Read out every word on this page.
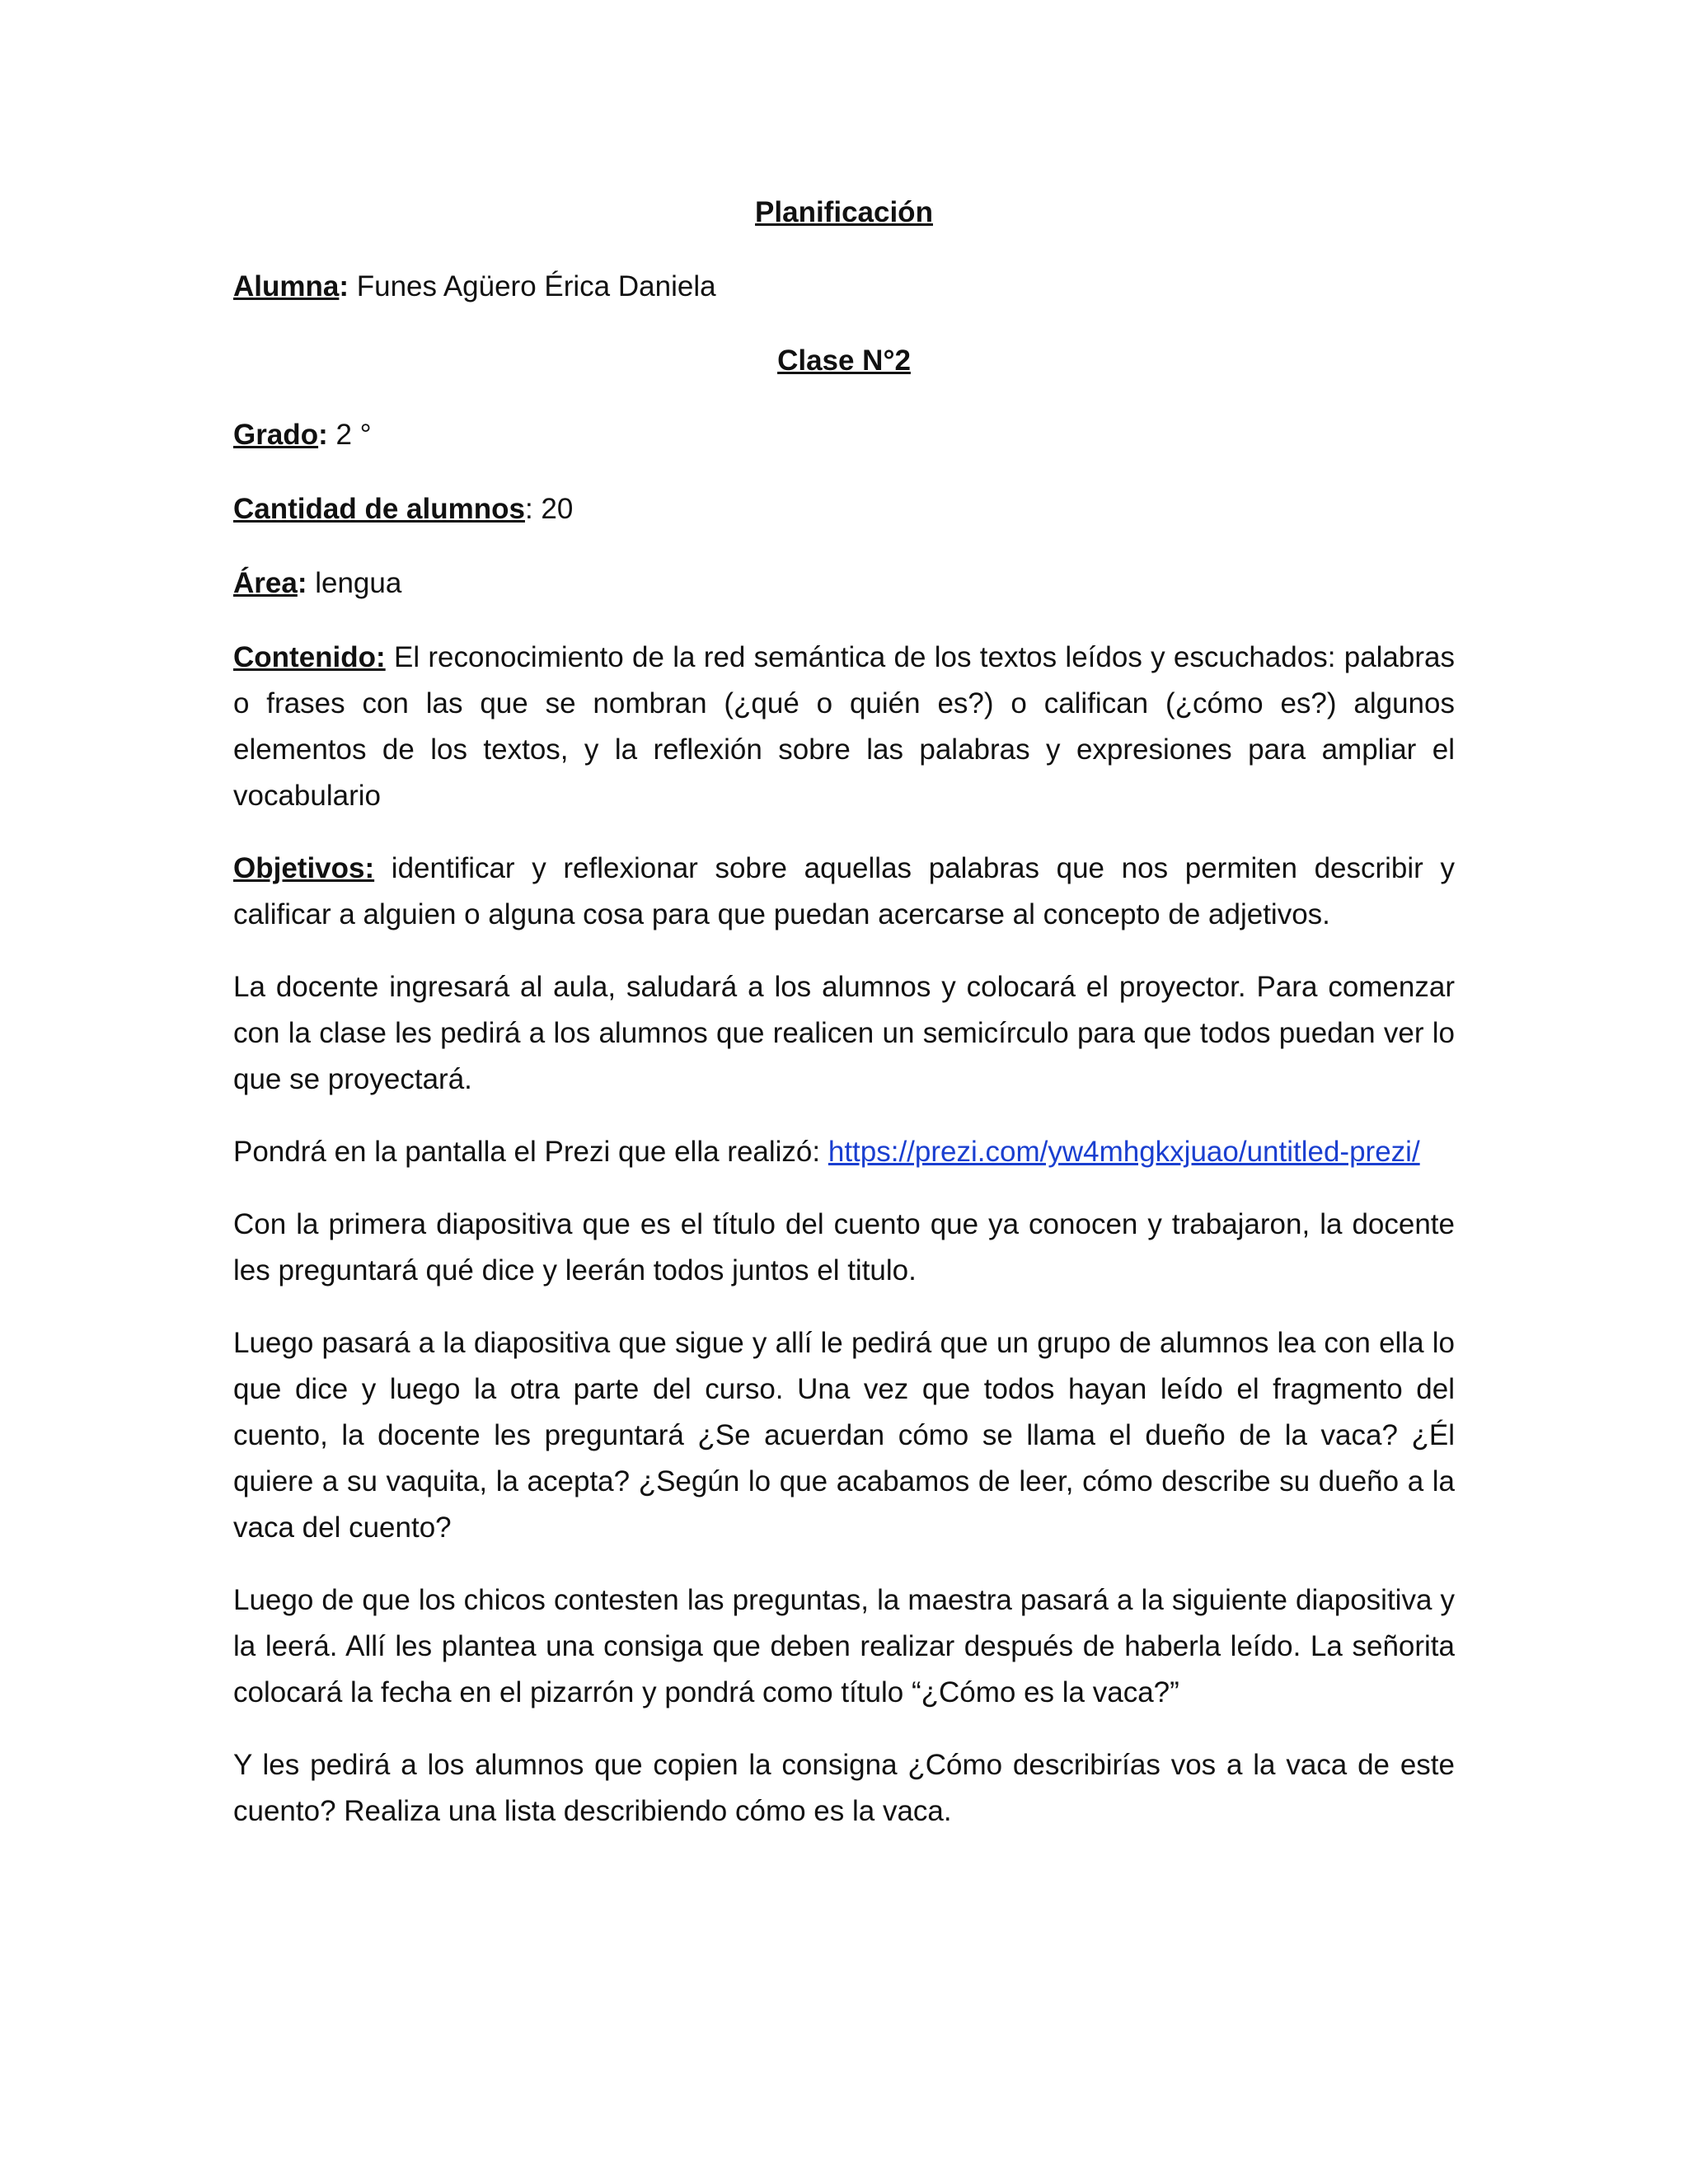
Planificación

Alumna: Funes Agüero Érica Daniela

Clase N°2

Grado: 2 °

Cantidad de alumnos: 20

Área: lengua

Contenido: El reconocimiento de la red semántica de los textos leídos y escuchados: palabras o frases con las que se nombran (¿qué o quién es?) o califican (¿cómo es?) algunos elementos de los textos, y la reflexión sobre las palabras y expresiones para ampliar el vocabulario

Objetivos: identificar y reflexionar sobre aquellas palabras que nos permiten describir y calificar a alguien o alguna cosa para que puedan acercarse al concepto de adjetivos.

La docente ingresará al aula, saludará a los alumnos y colocará el proyector. Para comenzar con la clase les pedirá a los alumnos que realicen un semicírculo para que todos puedan ver lo que se proyectará.

Pondrá en la pantalla el Prezi que ella realizó: https://prezi.com/yw4mhgkxjuao/untitled-prezi/

Con la primera diapositiva que es el título del cuento que ya conocen y trabajaron, la docente les preguntará qué dice y leerán todos juntos el titulo.

Luego pasará a la diapositiva que sigue y allí le pedirá que un grupo de alumnos lea con ella lo que dice y luego la otra parte del curso. Una vez que todos hayan leído el fragmento del cuento, la docente les preguntará ¿Se acuerdan cómo se llama el dueño de la vaca? ¿Él quiere a su vaquita, la acepta? ¿Según lo que acabamos de leer, cómo describe su dueño a la vaca del cuento?

Luego de que los chicos contesten las preguntas, la maestra pasará a la siguiente diapositiva y la leerá. Allí les plantea una consiga que deben realizar después de haberla leído. La señorita colocará la fecha en el pizarrón y pondrá como título “¿Cómo es la vaca?”

Y les pedirá a los alumnos que copien la consigna ¿Cómo describirías vos a la vaca de este cuento? Realiza una lista describiendo cómo es la vaca.
